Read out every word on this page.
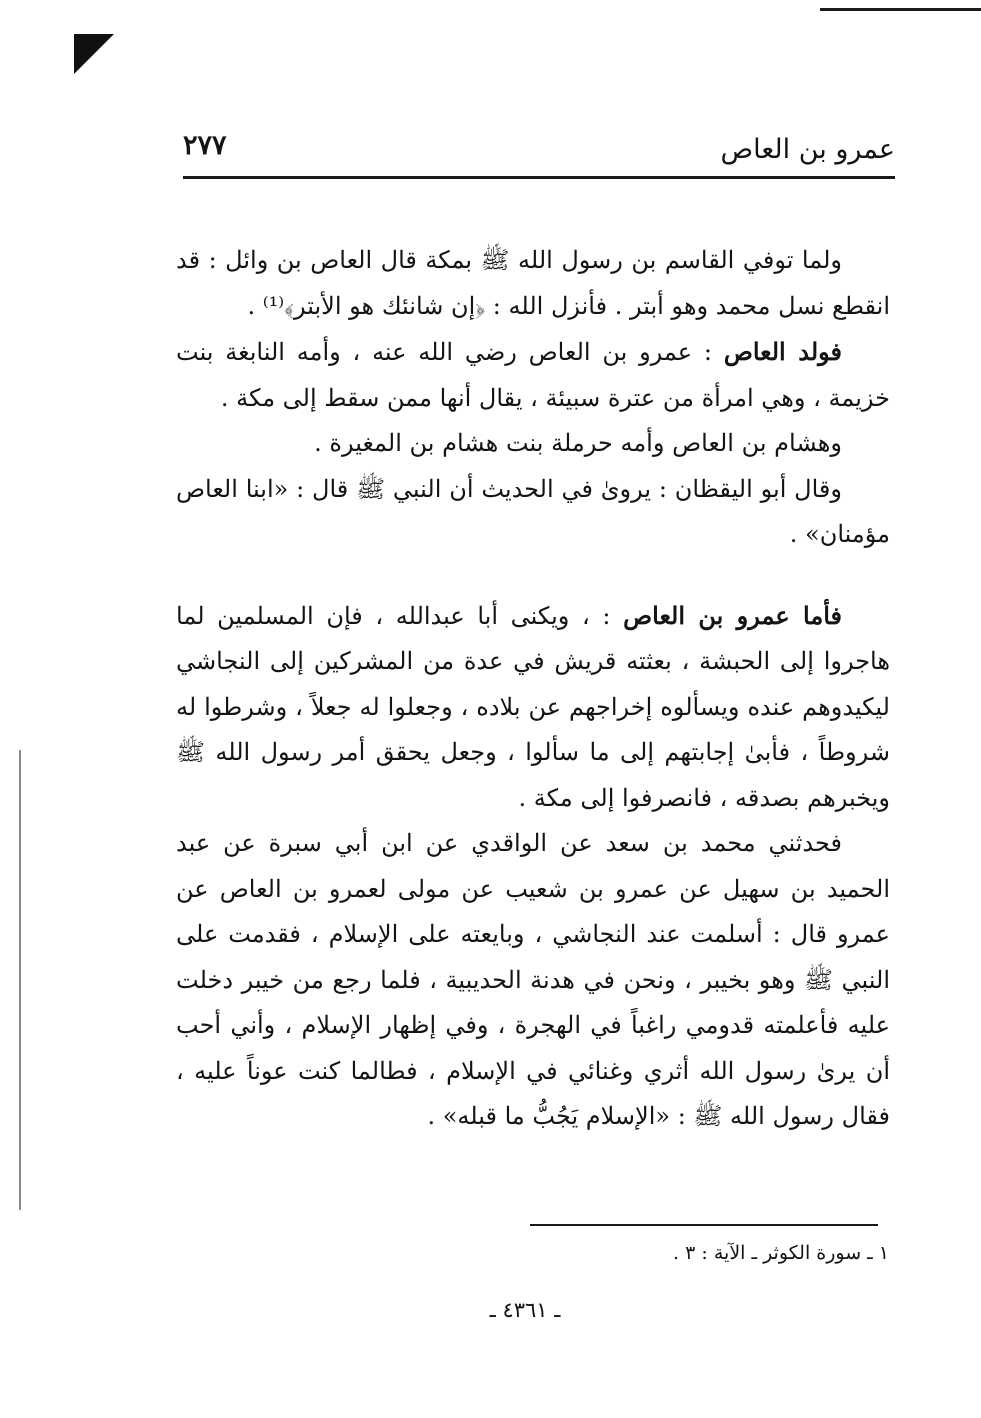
٢٧٧	عمرو بن العاص

ولما توفي القاسم بن رسول الله ﷺ بمكة قال العاص بن وائل : قد انقطع نسل محمد وهو أبتر . فأنزل الله : ﴿إن شانئك هو الأبتر﴾⁽¹⁾ .

فولد العاص : عمرو بن العاص رضي الله عنه ، وأمه النابغة بنت خزيمة ، وهي امرأة من عترة سبيئة ، يقال أنها ممن سقط إلى مكة .

وهشام بن العاص وأمه حرملة بنت هشام بن المغيرة .

وقال أبو اليقظان : يروىٰ في الحديث أن النبي ﷺ قال : «ابنا العاص مؤمنان» .

فأما عمرو بن العاص : ، ويكنى أبا عبدالله ، فإن المسلمين لما هاجروا إلى الحبشة ، بعثته قريش في عدة من المشركين إلى النجاشي ليكيدوهم عنده ويسألوه إخراجهم عن بلاده ، وجعلوا له جعلاً ، وشرطوا له شروطاً ، فأبىٰ إجابتهم إلى ما سألوا ، وجعل يحقق أمر رسول الله ﷺ ويخبرهم بصدقه ، فانصرفوا إلى مكة .

فحدثني محمد بن سعد عن الواقدي عن ابن أبي سبرة عن عبد الحميد بن سهيل عن عمرو بن شعيب عن مولى لعمرو بن العاص عن عمرو قال : أسلمت عند النجاشي ، وبايعته على الإسلام ، فقدمت على النبي ﷺ وهو بخيبر ، ونحن في هدنة الحديبية ، فلما رجع من خيبر دخلت عليه فأعلمته قدومي راغباً في الهجرة ، وفي إظهار الإسلام ، وأني أحب أن يرىٰ رسول الله أثري وغنائي في الإسلام ، فطالما كنت عوناً عليه ، فقال رسول الله ﷺ : «الإسلام يَجُبُّ ما قبله» .

١ ـ سورة الكوثر ـ الآية : ٣ .
ـ ٤٣٦١ ـ
